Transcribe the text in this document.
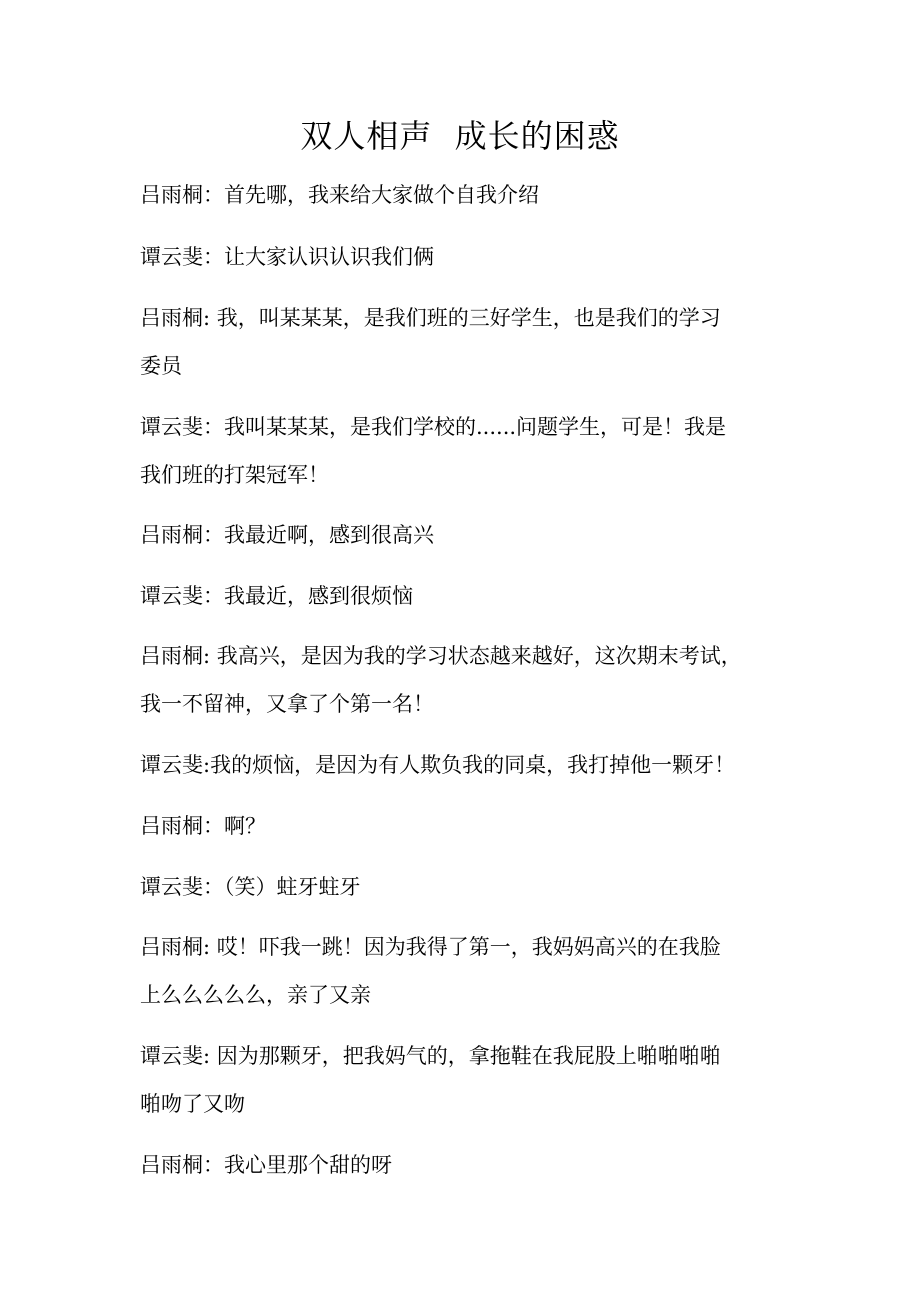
双人相声  成长的困惑
吕雨桐：首先哪，我来给大家做个自我介绍
谭云斐：让大家认识认识我们俩
吕雨桐: 我，叫某某某，是我们班的三好学生，也是我们的学习
委员
谭云斐：我叫某某某，是我们学校的......问题学生，可是！我是
我们班的打架冠军！
吕雨桐：我最近啊，感到很高兴
谭云斐：我最近，感到很烦恼
吕雨桐: 我高兴，是因为我的学习状态越来越好，这次期末考试，
我一不留神，又拿了个第一名！
谭云斐:我的烦恼，是因为有人欺负我的同桌，我打掉他一颗牙！
吕雨桐：啊？
谭云斐：（笑）蛀牙蛀牙
吕雨桐: 哎！吓我一跳！因为我得了第一，我妈妈高兴的在我脸
上么么么么么，亲了又亲
谭云斐: 因为那颗牙，把我妈气的，拿拖鞋在我屁股上啪啪啪啪
啪吻了又吻
吕雨桐：我心里那个甜的呀
